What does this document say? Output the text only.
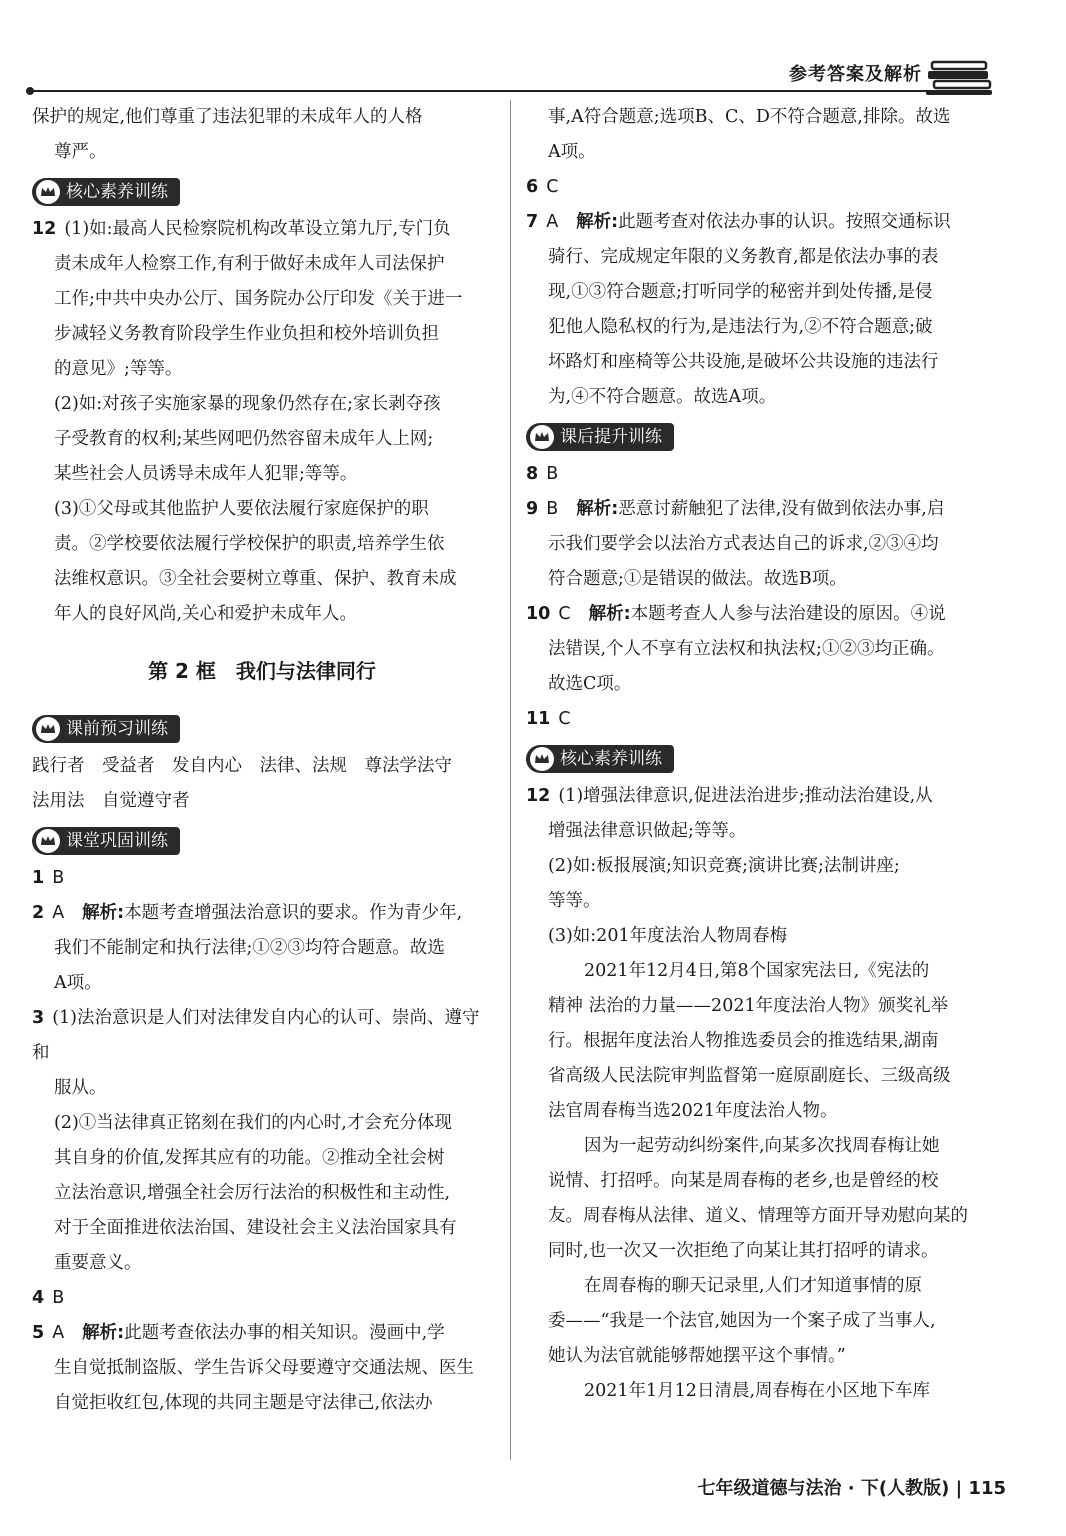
参考答案及解析

保护的规定,他们尊重了违法犯罪的未成年人的人格

尊严。

核心素养训练

12 (1)如:最高人民检察院机构改革设立第九厅,专门负

责未成年人检察工作,有利于做好未成年人司法保护

工作;中共中央办公厅、国务院办公厅印发《关于进一

步减轻义务教育阶段学生作业负担和校外培训负担

的意见》;等等。

(2)如:对孩子实施家暴的现象仍然存在;家长剥夺孩

子受教育的权利;某些网吧仍然容留未成年人上网;

某些社会人员诱导未成年人犯罪;等等。

(3)①父母或其他监护人要依法履行家庭保护的职

责。②学校要依法履行学校保护的职责,培养学生依

法维权意识。③全社会要树立尊重、保护、教育未成

年人的良好风尚,关心和爱护未成年人。

第 2 框　我们与法律同行
课前预习训练

践行者　受益者　发自内心　法律、法规　尊法学法守

法用法　自觉遵守者

课堂巩固训练

1 B

2 A 解析:本题考查增强法治意识的要求。作为青少年,

我们不能制定和执行法律;①②③均符合题意。故选

A项。

3 (1)法治意识是人们对法律发自内心的认可、崇尚、遵守和

服从。

(2)①当法律真正铭刻在我们的内心时,才会充分体现

其自身的价值,发挥其应有的功能。②推动全社会树

立法治意识,增强全社会厉行法治的积极性和主动性,

对于全面推进依法治国、建设社会主义法治国家具有

重要意义。

4 B

5 A 解析:此题考查依法办事的相关知识。漫画中,学

生自觉抵制盗版、学生告诉父母要遵守交通法规、医生

自觉拒收红包,体现的共同主题是守法律己,依法办

事,A符合题意;选项B、C、D不符合题意,排除。故选

A项。

6 C

7 A 解析:此题考查对依法办事的认识。按照交通标识

骑行、完成规定年限的义务教育,都是依法办事的表

现,①③符合题意;打听同学的秘密并到处传播,是侵

犯他人隐私权的行为,是违法行为,②不符合题意;破

坏路灯和座椅等公共设施,是破坏公共设施的违法行

为,④不符合题意。故选A项。

课后提升训练

8 B

9 B 解析:恶意讨薪触犯了法律,没有做到依法办事,启

示我们要学会以法治方式表达自己的诉求,②③④均

符合题意;①是错误的做法。故选B项。

10 C 解析:本题考查人人参与法治建设的原因。④说

法错误,个人不享有立法权和执法权;①②③均正确。

故选C项。

11 C

核心素养训练

12 (1)增强法律意识,促进法治进步;推动法治建设,从

增强法律意识做起;等等。

(2)如:板报展演;知识竞赛;演讲比赛;法制讲座;

等等。

(3)如:201年度法治人物周春梅

2021年12月4日,第8个国家宪法日,《宪法的

精神 法治的力量——2021年度法治人物》颁奖礼举

行。根据年度法治人物推选委员会的推选结果,湖南

省高级人民法院审判监督第一庭原副庭长、三级高级

法官周春梅当选2021年度法治人物。

因为一起劳动纠纷案件,向某多次找周春梅让她

说情、打招呼。向某是周春梅的老乡,也是曾经的校

友。周春梅从法律、道义、情理等方面开导劝慰向某的

同时,也一次又一次拒绝了向某让其打招呼的请求。

在周春梅的聊天记录里,人们才知道事情的原

委——“我是一个法官,她因为一个案子成了当事人,

她认为法官就能够帮她摆平这个事情。”

2021年1月12日清晨,周春梅在小区地下车库

七年级道德与法治 · 下(人教版) | 115
